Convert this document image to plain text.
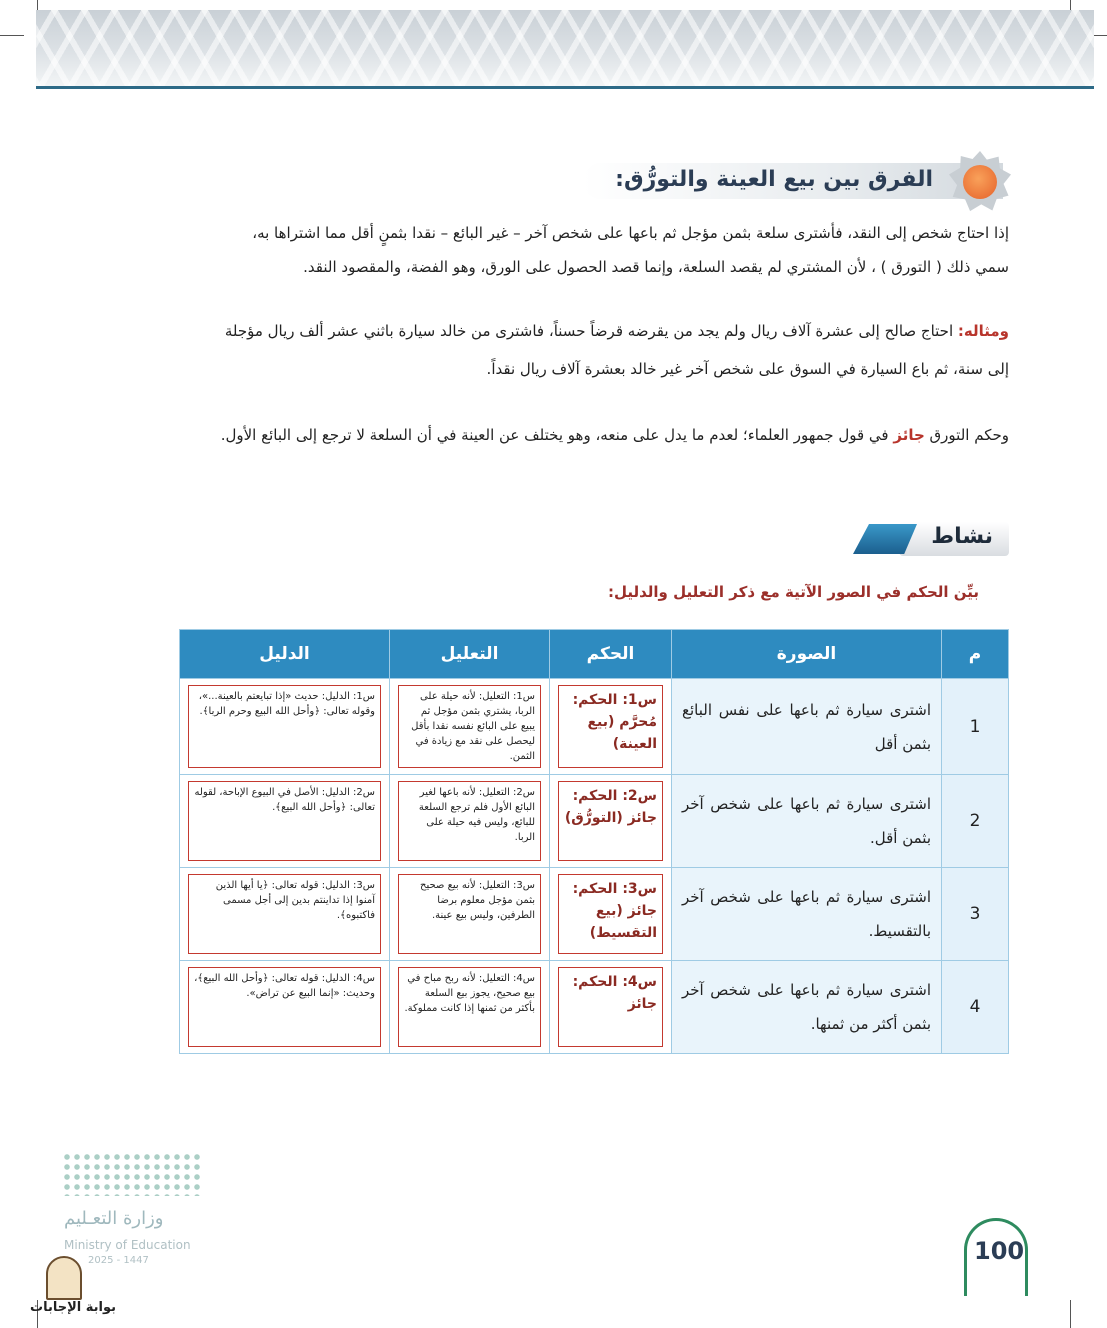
الفرق بين بيع العينة والتورُّق:
إذا احتاج شخص إلى النقد، فأشترى سلعة بثمن مؤجل ثم باعها على شخص آخر – غير البائع – نقدا بثمنٍ أقل مما اشتراها به،
سمي ذلك ( التورق ) ، لأن المشتري لم يقصد السلعة، وإنما قصد الحصول على الورق، وهو الفضة، والمقصود النقد.
ومثاله: احتاج صالح إلى عشرة آلاف ريال ولم يجد من يقرضه قرضاً حسناً، فاشترى من خالد سيارة باثني عشر ألف ريال مؤجلة
إلى سنة، ثم باع السيارة في السوق على شخص آخر غير خالد بعشرة آلاف ريال نقداً.
وحكم التورق جائز في قول جمهور العلماء؛ لعدم ما يدل على منعه، وهو يختلف عن العينة في أن السلعة لا ترجع إلى البائع الأول.
نشاط
بيِّن الحكم في الصور الآتية مع ذكر التعليل والدليل:
م	الصورة	الحكم	التعليل	الدليل
1	اشترى سيارة ثم باعها على نفس البائع بثمن أقل	س1: الحكم: مُحرَّم (بيع العينة)	س1: التعليل: لأنه حيلة على الربا، يشتري بثمن مؤجل ثم يبيع على البائع نفسه نقدا بأقل ليحصل على نقد مع زيادة في الثمن.	س1: الدليل: حديث «إذا تبايعتم بالعينة...»، وقوله تعالى: ﴿وأحل الله البيع وحرم الربا﴾.

2	اشترى سيارة ثم باعها على شخص آخر بثمن أقل.	س2: الحكم: جائز (التورُّق)	س2: التعليل: لأنه باعها لغير البائع الأول فلم ترجع السلعة للبائع، وليس فيه حيلة على الربا.	س2: الدليل: الأصل في البيوع الإباحة، لقوله تعالى: ﴿وأحل الله البيع﴾.

3	اشترى سيارة ثم باعها على شخص آخر بالتقسيط.	س3: الحكم: جائز (بيع التقسيط)	س3: التعليل: لأنه بيع صحيح بثمن مؤجل معلوم برضا الطرفين، وليس بيع عينة.	س3: الدليل: قوله تعالى: ﴿يا أيها الذين آمنوا إذا تداينتم بدين إلى أجل مسمى فاكتبوه﴾.

4	اشترى سيارة ثم باعها على شخص آخر بثمن أكثر من ثمنها.	س4: الحكم: جائز	س4: التعليل: لأنه ربح مباح في بيع صحيح، يجوز بيع السلعة بأكثر من ثمنها إذا كانت مملوكة.	س4: الدليل: قوله تعالى: ﴿وأحل الله البيع﴾، وحديث: «إنما البيع عن تراض».
وزارة التعـليم
Ministry of Education
2025 - 1447
بوابة الإجابات
100
